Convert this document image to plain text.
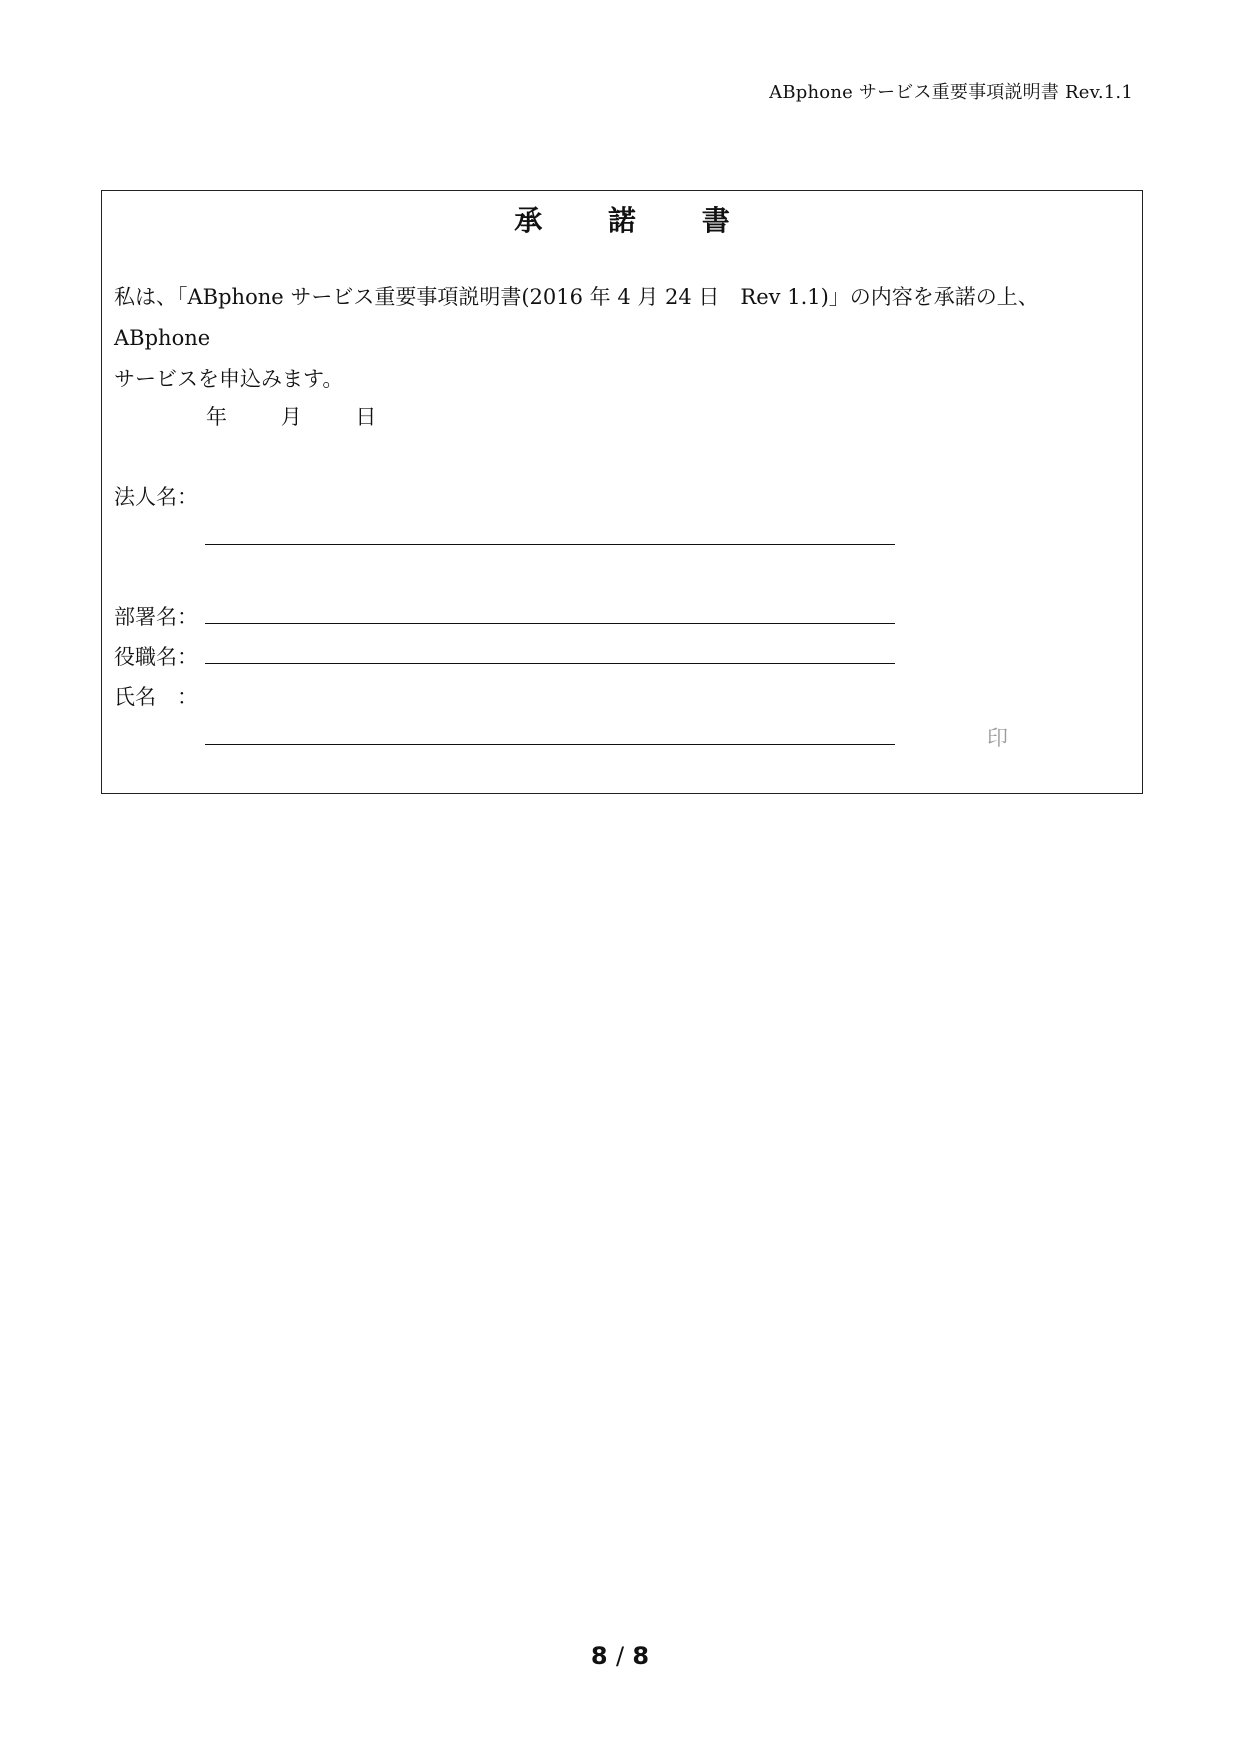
ABphone サービス重要事項説明書 Rev.1.1
承 諾 書

私は、「ABphone サービス重要事項説明書(2016 年 4 月 24 日　Rev 1.1)」の内容を承諾の上、ABphone

サービスを申込みます。

年	月	日
法人名：
部署名：
役職名：
氏名　：
印
8 / 8
